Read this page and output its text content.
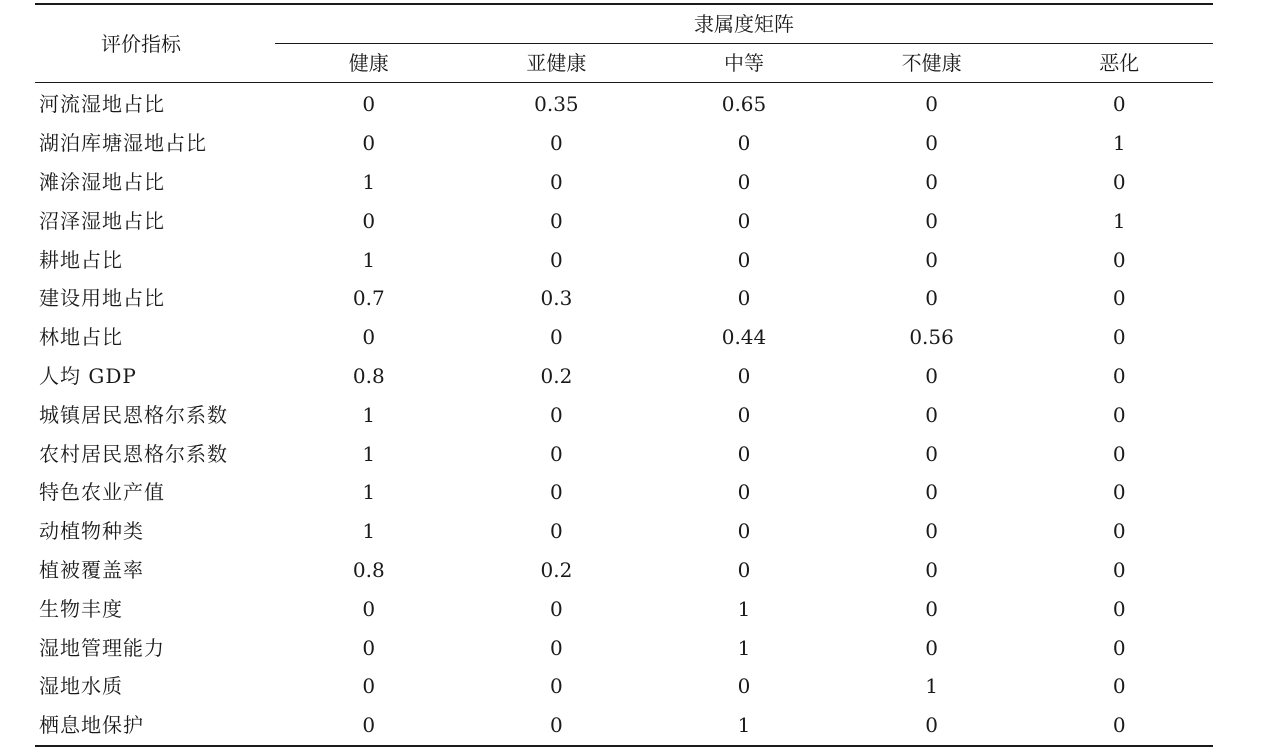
评价指标	隶属度矩阵				
	健康	亚健康	中等	不健康	恶化
河流湿地占比	0	0.35	0.65	0	0
湖泊库塘湿地占比	0	0	0	0	1
滩涂湿地占比	1	0	0	0	0
沼泽湿地占比	0	0	0	0	1
耕地占比	1	0	0	0	0
建设用地占比	0.7	0.3	0	0	0
林地占比	0	0	0.44	0.56	0
人均 GDP	0.8	0.2	0	0	0
城镇居民恩格尔系数	1	0	0	0	0
农村居民恩格尔系数	1	0	0	0	0
特色农业产值	1	0	0	0	0
动植物种类	1	0	0	0	0
植被覆盖率	0.8	0.2	0	0	0
生物丰度	0	0	1	0	0
湿地管理能力	0	0	1	0	0
湿地水质	0	0	0	1	0
栖息地保护	0	0	1	0	0
